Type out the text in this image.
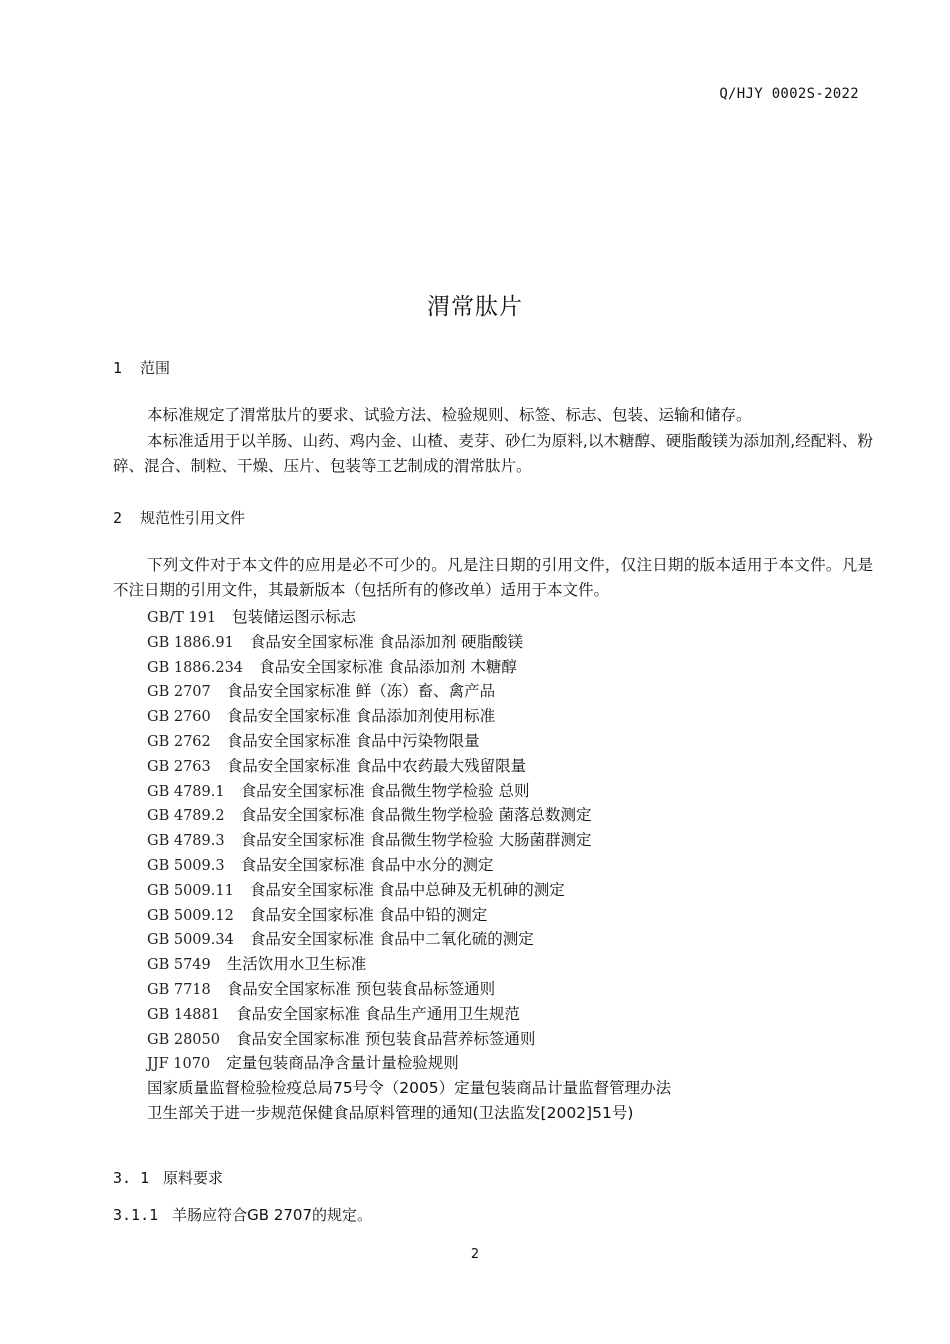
Q/HJY 0002S-2022
渭常肽片
1 范围
本标准规定了渭常肽片的要求、试验方法、检验规则、标签、标志、包装、运输和储存。
本标准适用于以羊肠、山药、鸡内金、山楂、麦芽、砂仁为原料,以木糖醇、硬脂酸镁为添加剂,经配料、粉碎、混合、制粒、干燥、压片、包装等工艺制成的渭常肽片。
2 规范性引用文件
下列文件对于本文件的应用是必不可少的。凡是注日期的引用文件，仅注日期的版本适用于本文件。凡是不注日期的引用文件，其最新版本（包括所有的修改单）适用于本文件。
GB/T 191 包装储运图示标志
GB 1886.91 食品安全国家标准 食品添加剂 硬脂酸镁
GB 1886.234 食品安全国家标准 食品添加剂 木糖醇
GB 2707 食品安全国家标准 鲜（冻）畜、禽产品
GB 2760 食品安全国家标准 食品添加剂使用标准
GB 2762 食品安全国家标准 食品中污染物限量
GB 2763 食品安全国家标准 食品中农药最大残留限量
GB 4789.1 食品安全国家标准 食品微生物学检验 总则
GB 4789.2 食品安全国家标准 食品微生物学检验 菌落总数测定
GB 4789.3 食品安全国家标准 食品微生物学检验 大肠菌群测定
GB 5009.3 食品安全国家标准 食品中水分的测定
GB 5009.11 食品安全国家标准 食品中总砷及无机砷的测定
GB 5009.12 食品安全国家标准 食品中铅的测定
GB 5009.34 食品安全国家标准 食品中二氧化硫的测定
GB 5749 生活饮用水卫生标准
GB 7718 食品安全国家标准 预包装食品标签通则
GB 14881 食品安全国家标准 食品生产通用卫生规范
GB 28050 食品安全国家标准 预包装食品营养标签通则
JJF 1070 定量包装商品净含量计量检验规则
国家质量监督检验检疫总局75号令（2005）定量包装商品计量监督管理办法
卫生部关于进一步规范保健食品原料管理的通知(卫法监发[2002]51号)
3. 1 原料要求
3.1.1 羊肠应符合GB 2707的规定。
2
